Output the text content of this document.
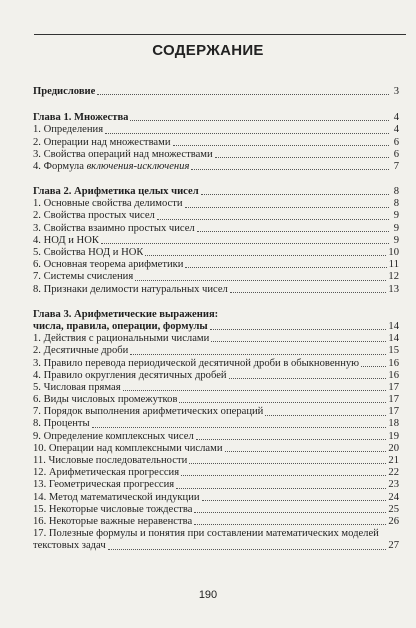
СОДЕРЖАНИЕ
Предисловие	3
Глава 1. Множества	4
1. Определения	4
2. Операции над множествами	6
3. Свойства операций над множествами	6
4. Формула включения-исключения	7
Глава 2. Арифметика целых чисел	8
1. Основные свойства делимости	8
2. Свойства простых чисел	9
3. Свойства взаимно простых чисел	9
4. НОД и НОК	9
5. Свойства НОД и НОК	10
6. Основная теорема арифметики	11
7. Системы счисления	12
8. Признаки делимости натуральных чисел	13
Глава 3. Арифметические выражения:
числа, правила, операции, формулы	14
1. Действия с рациональными числами	14
2. Десятичные дроби	15
3. Правило перевода периодической десятичной дроби в обыкновенную	16
4. Правило округления десятичных дробей	16
5. Числовая прямая	17
6. Виды числовых промежутков	17
7. Порядок выполнения арифметических операций	17
8. Проценты	18
9. Определение комплексных чисел	19
10. Операции над комплексными числами	20
11. Числовые последовательности	21
12. Арифметическая прогрессия	22
13. Геометрическая прогрессия	23
14. Метод математической индукции	24
15. Некоторые числовые тождества	25
16. Некоторые важные неравенства	26
17. Полезные формулы и понятия при составлении математических моделей
текстовых задач	27
190
